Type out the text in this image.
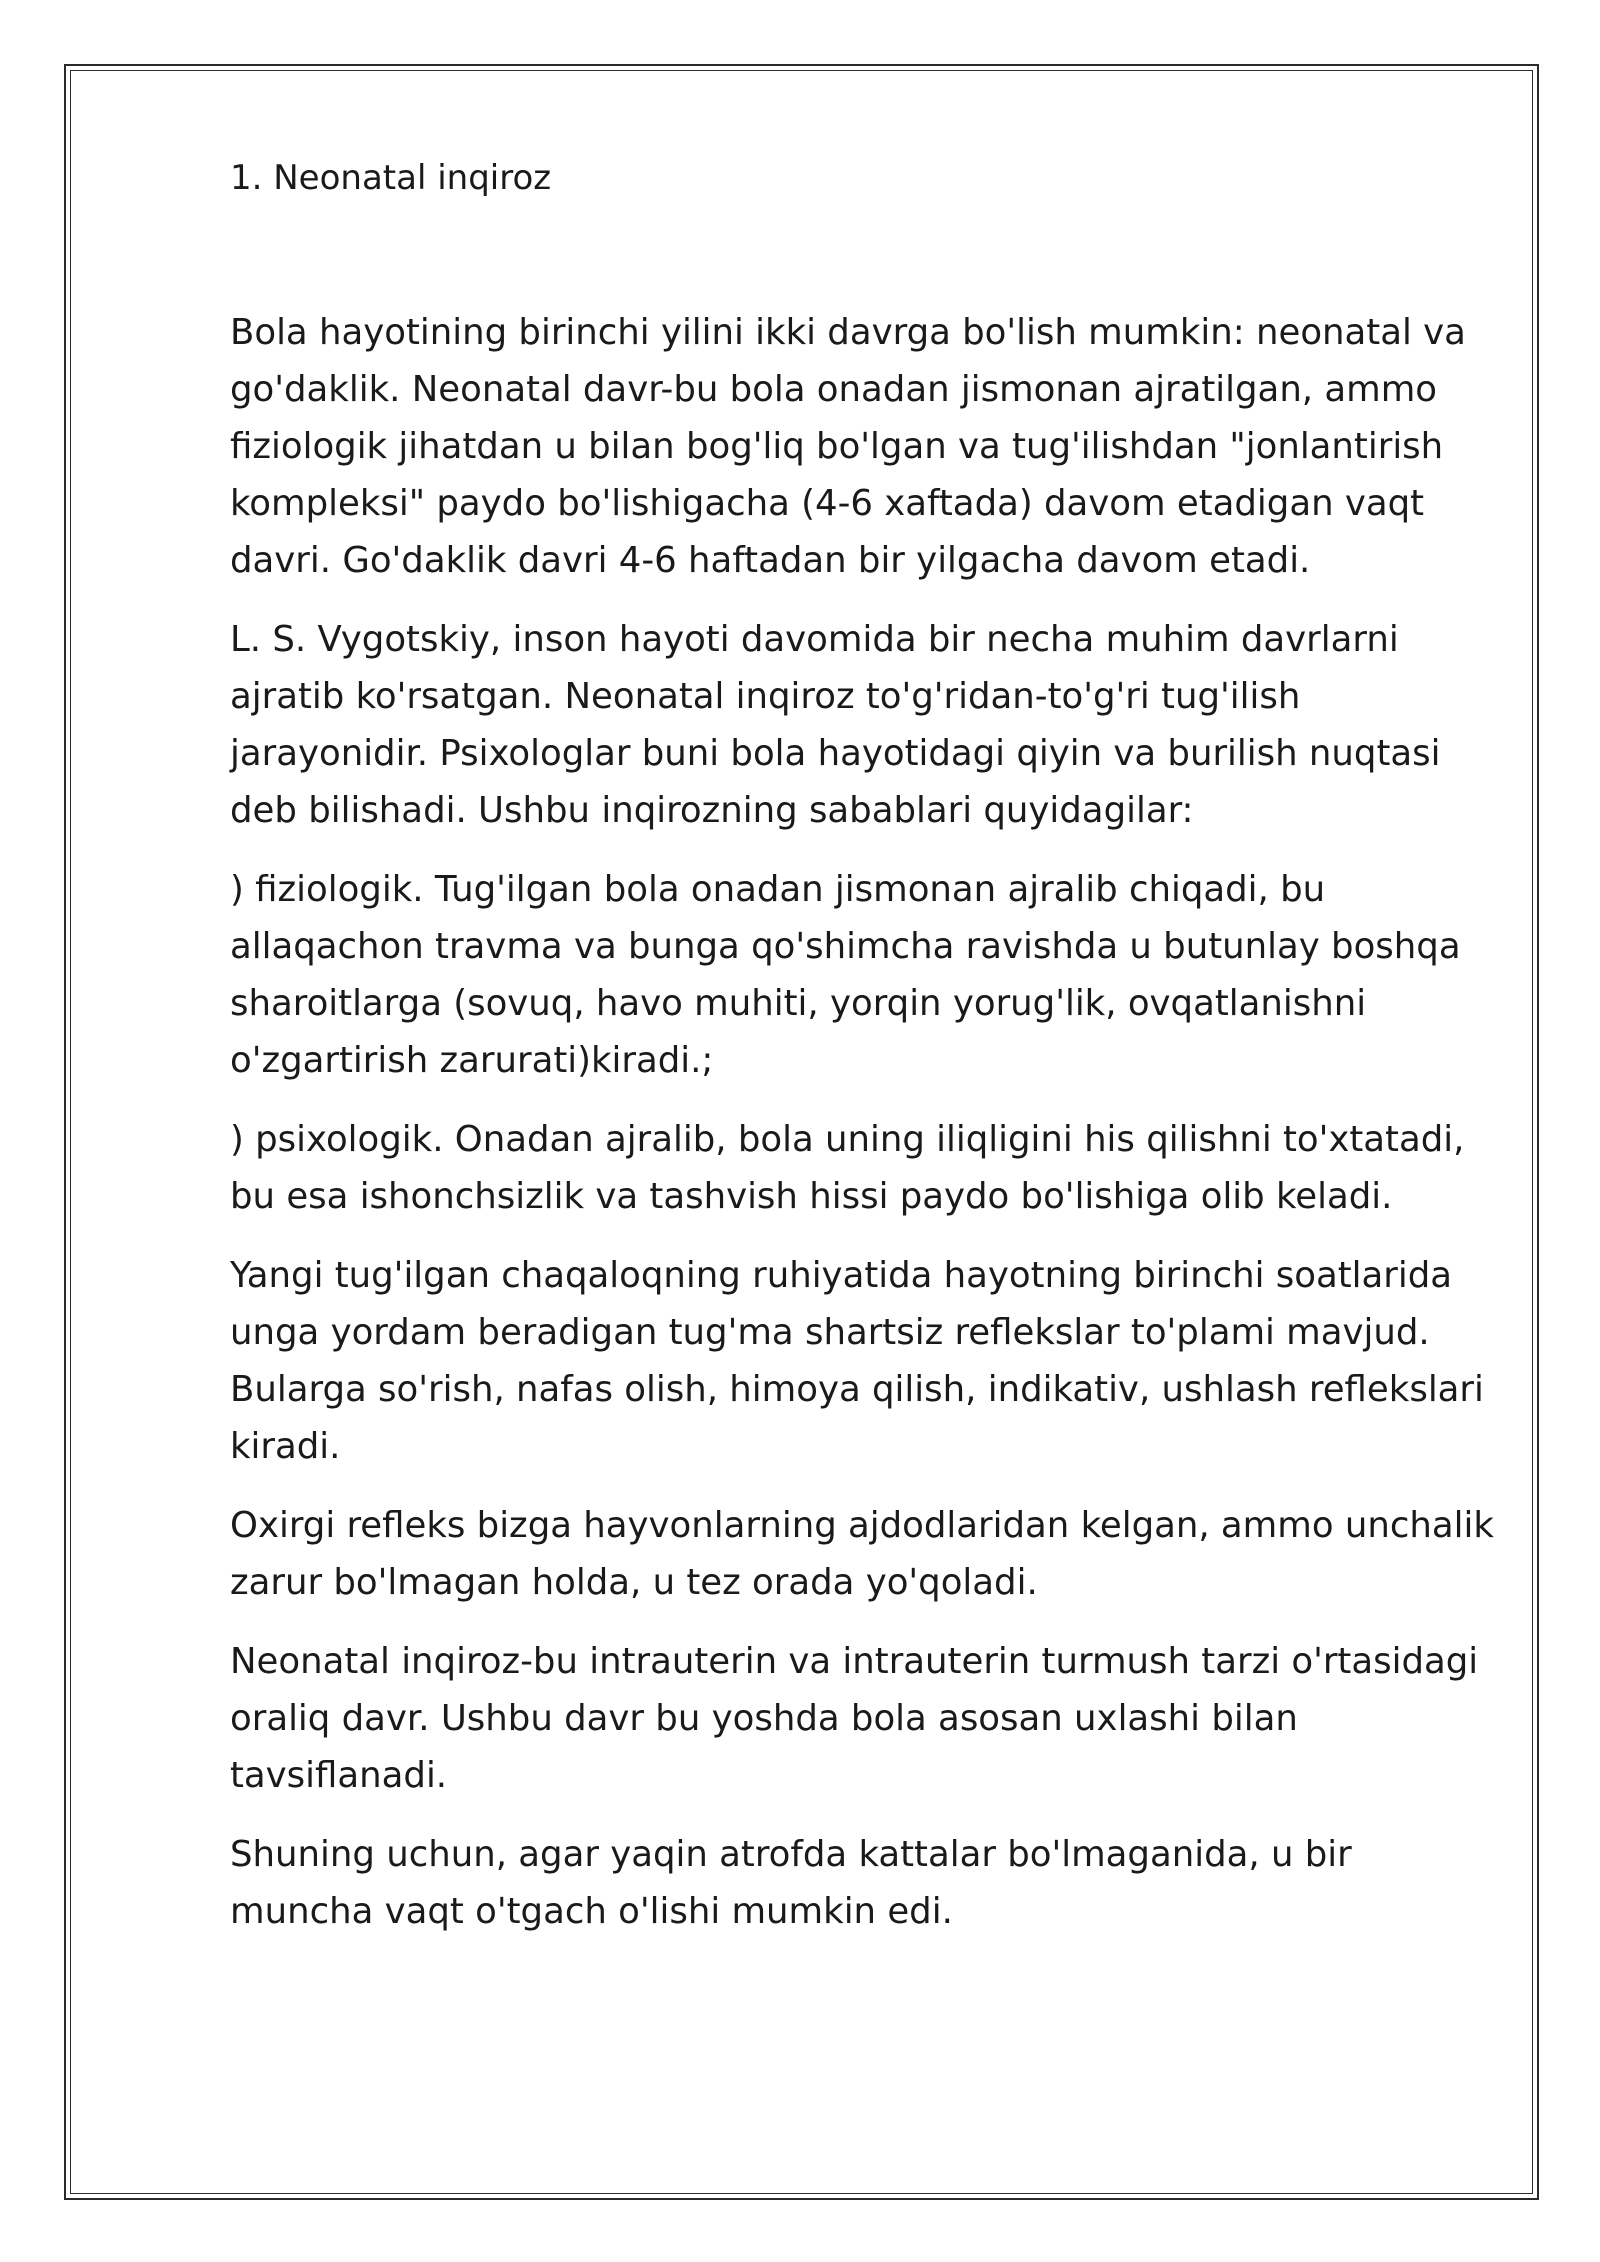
1. Neonatal inqiroz

Bola hayotining birinchi yilini ikki davrga bo'lish mumkin: neonatal va go'daklik. Neonatal davr-bu bola onadan jismonan ajratilgan, ammo fiziologik jihatdan u bilan bog'liq bo'lgan va tug'ilishdan "jonlantirish kompleksi" paydo bo'lishigacha (4-6 xaftada) davom etadigan vaqt davri. Go'daklik davri 4-6 haftadan bir yilgacha davom etadi.

L. S. Vygotskiy, inson hayoti davomida bir necha muhim davrlarni ajratib ko'rsatgan. Neonatal inqiroz to'g'ridan-to'g'ri tug'ilish jarayonidir. Psixologlar buni bola hayotidagi qiyin va burilish nuqtasi deb bilishadi. Ushbu inqirozning sabablari quyidagilar:

) fiziologik. Tug'ilgan bola onadan jismonan ajralib chiqadi, bu allaqachon travma va bunga qo'shimcha ravishda u butunlay boshqa sharoitlarga (sovuq, havo muhiti, yorqin yorug'lik, ovqatlanishni o'zgartirish zarurati)kiradi.;

) psixologik. Onadan ajralib, bola uning iliqligini his qilishni to'xtatadi, bu esa ishonchsizlik va tashvish hissi paydo bo'lishiga olib keladi.

Yangi tug'ilgan chaqaloqning ruhiyatida hayotning birinchi soatlarida unga yordam beradigan tug'ma shartsiz reflekslar to'plami mavjud. Bularga so'rish, nafas olish, himoya qilish, indikativ, ushlash reflekslari kiradi.

Oxirgi refleks bizga hayvonlarning ajdodlaridan kelgan, ammo unchalik zarur bo'lmagan holda, u tez orada yo'qoladi.

Neonatal inqiroz-bu intrauterin va intrauterin turmush tarzi o'rtasidagi oraliq davr. Ushbu davr bu yoshda bola asosan uxlashi bilan tavsiflanadi.

Shuning uchun, agar yaqin atrofda kattalar bo'lmaganida, u bir muncha vaqt o'tgach o'lishi mumkin edi.
